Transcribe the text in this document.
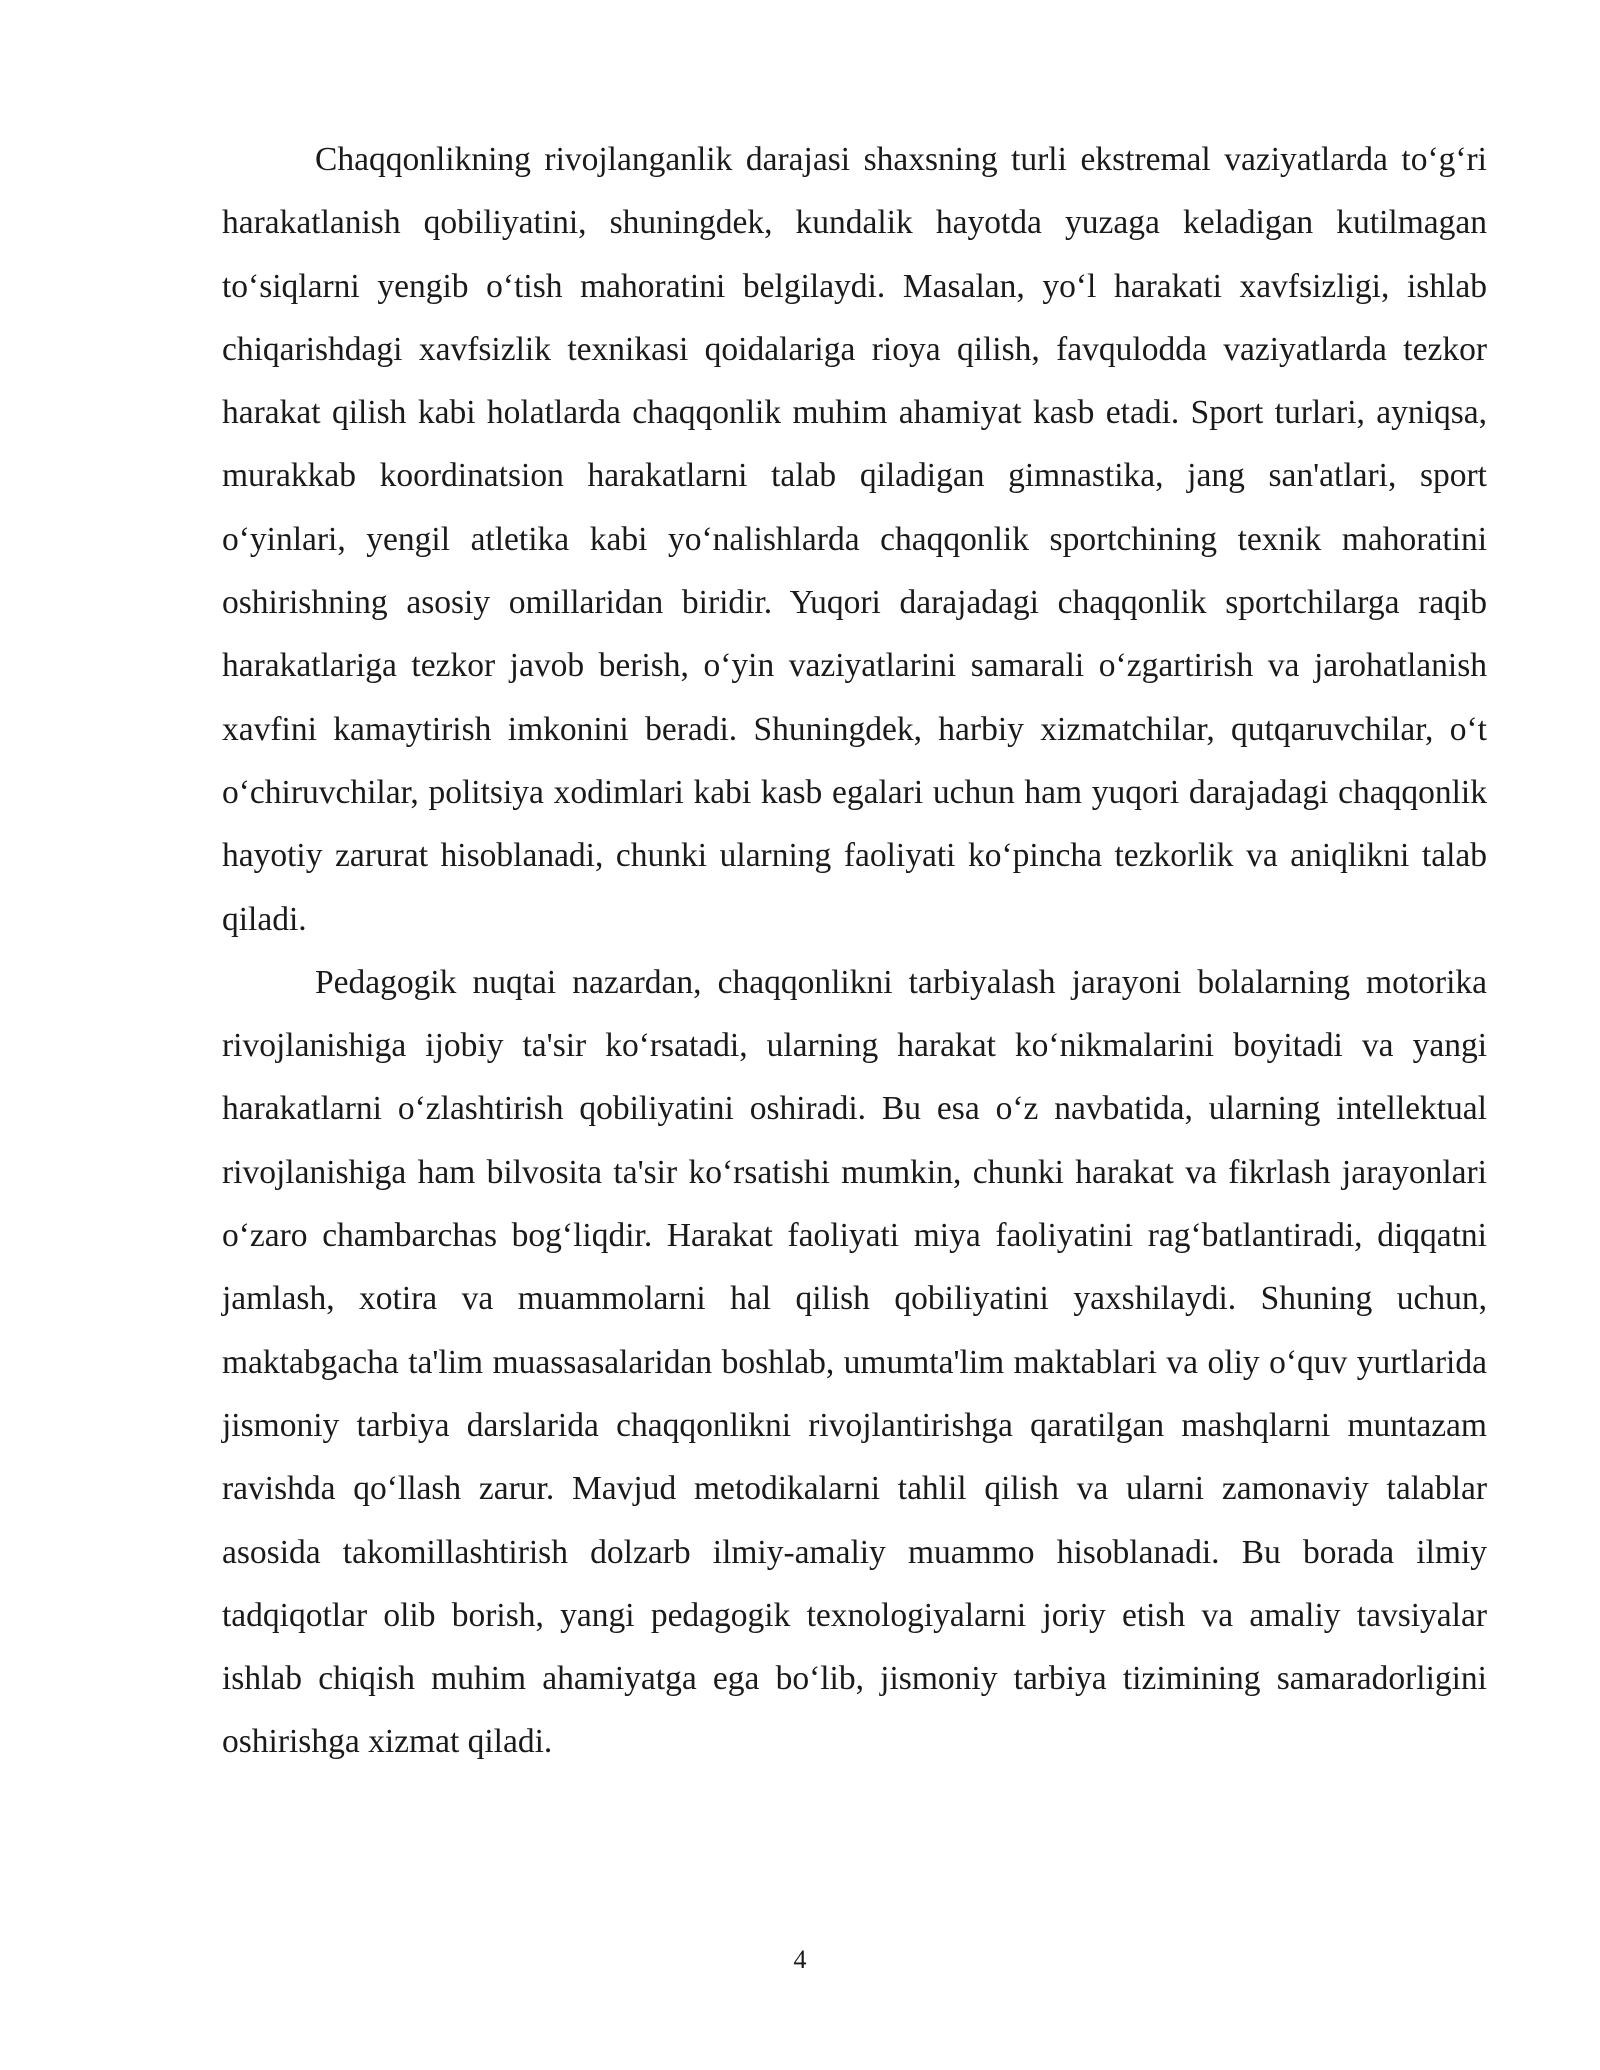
Chaqqonlikning rivojlanganlik darajasi shaxsning turli ekstremal vaziyatlarda to‘g‘ri harakatlanish qobiliyatini, shuningdek, kundalik hayotda yuzaga keladigan kutilmagan to‘siqlarni yengib o‘tish mahoratini belgilaydi. Masalan, yo‘l harakati xavfsizligi, ishlab chiqarishdagi xavfsizlik texnikasi qoidalariga rioya qilish, favqulodda vaziyatlarda tezkor harakat qilish kabi holatlarda chaqqonlik muhim ahamiyat kasb etadi. Sport turlari, ayniqsa, murakkab koordinatsion harakatlarni talab qiladigan gimnastika, jang san'atlari, sport o‘yinlari, yengil atletika kabi yo‘nalishlarda chaqqonlik sportchining texnik mahoratini oshirishning asosiy omillaridan biridir. Yuqori darajadagi chaqqonlik sportchilarga raqib harakatlariga tezkor javob berish, o‘yin vaziyatlarini samarali o‘zgartirish va jarohatlanish xavfini kamaytirish imkonini beradi. Shuningdek, harbiy xizmatchilar, qutqaruvchilar, o‘t o‘chiruvchilar, politsiya xodimlari kabi kasb egalari uchun ham yuqori darajadagi chaqqonlik hayotiy zarurat hisoblanadi, chunki ularning faoliyati ko‘pincha tezkorlik va aniqlikni talab qiladi.

Pedagogik nuqtai nazardan, chaqqonlikni tarbiyalash jarayoni bolalarning motorika rivojlanishiga ijobiy ta'sir ko‘rsatadi, ularning harakat ko‘nikmalarini boyitadi va yangi harakatlarni o‘zlashtirish qobiliyatini oshiradi. Bu esa o‘z navbatida, ularning intellektual rivojlanishiga ham bilvosita ta'sir ko‘rsatishi mumkin, chunki harakat va fikrlash jarayonlari o‘zaro chambarchas bog‘liqdir. Harakat faoliyati miya faoliyatini rag‘batlantiradi, diqqatni jamlash, xotira va muammolarni hal qilish qobiliyatini yaxshilaydi. Shuning uchun, maktabgacha ta'lim muassasalaridan boshlab, umumta'lim maktablari va oliy o‘quv yurtlarida jismoniy tarbiya darslarida chaqqonlikni rivojlantirishga qaratilgan mashqlarni muntazam ravishda qo‘llash zarur. Mavjud metodikalarni tahlil qilish va ularni zamonaviy talablar asosida takomillashtirish dolzarb ilmiy-amaliy muammo hisoblanadi. Bu borada ilmiy tadqiqotlar olib borish, yangi pedagogik texnologiyalarni joriy etish va amaliy tavsiyalar ishlab chiqish muhim ahamiyatga ega bo‘lib, jismoniy tarbiya tizimining samaradorligini oshirishga xizmat qiladi.

4
